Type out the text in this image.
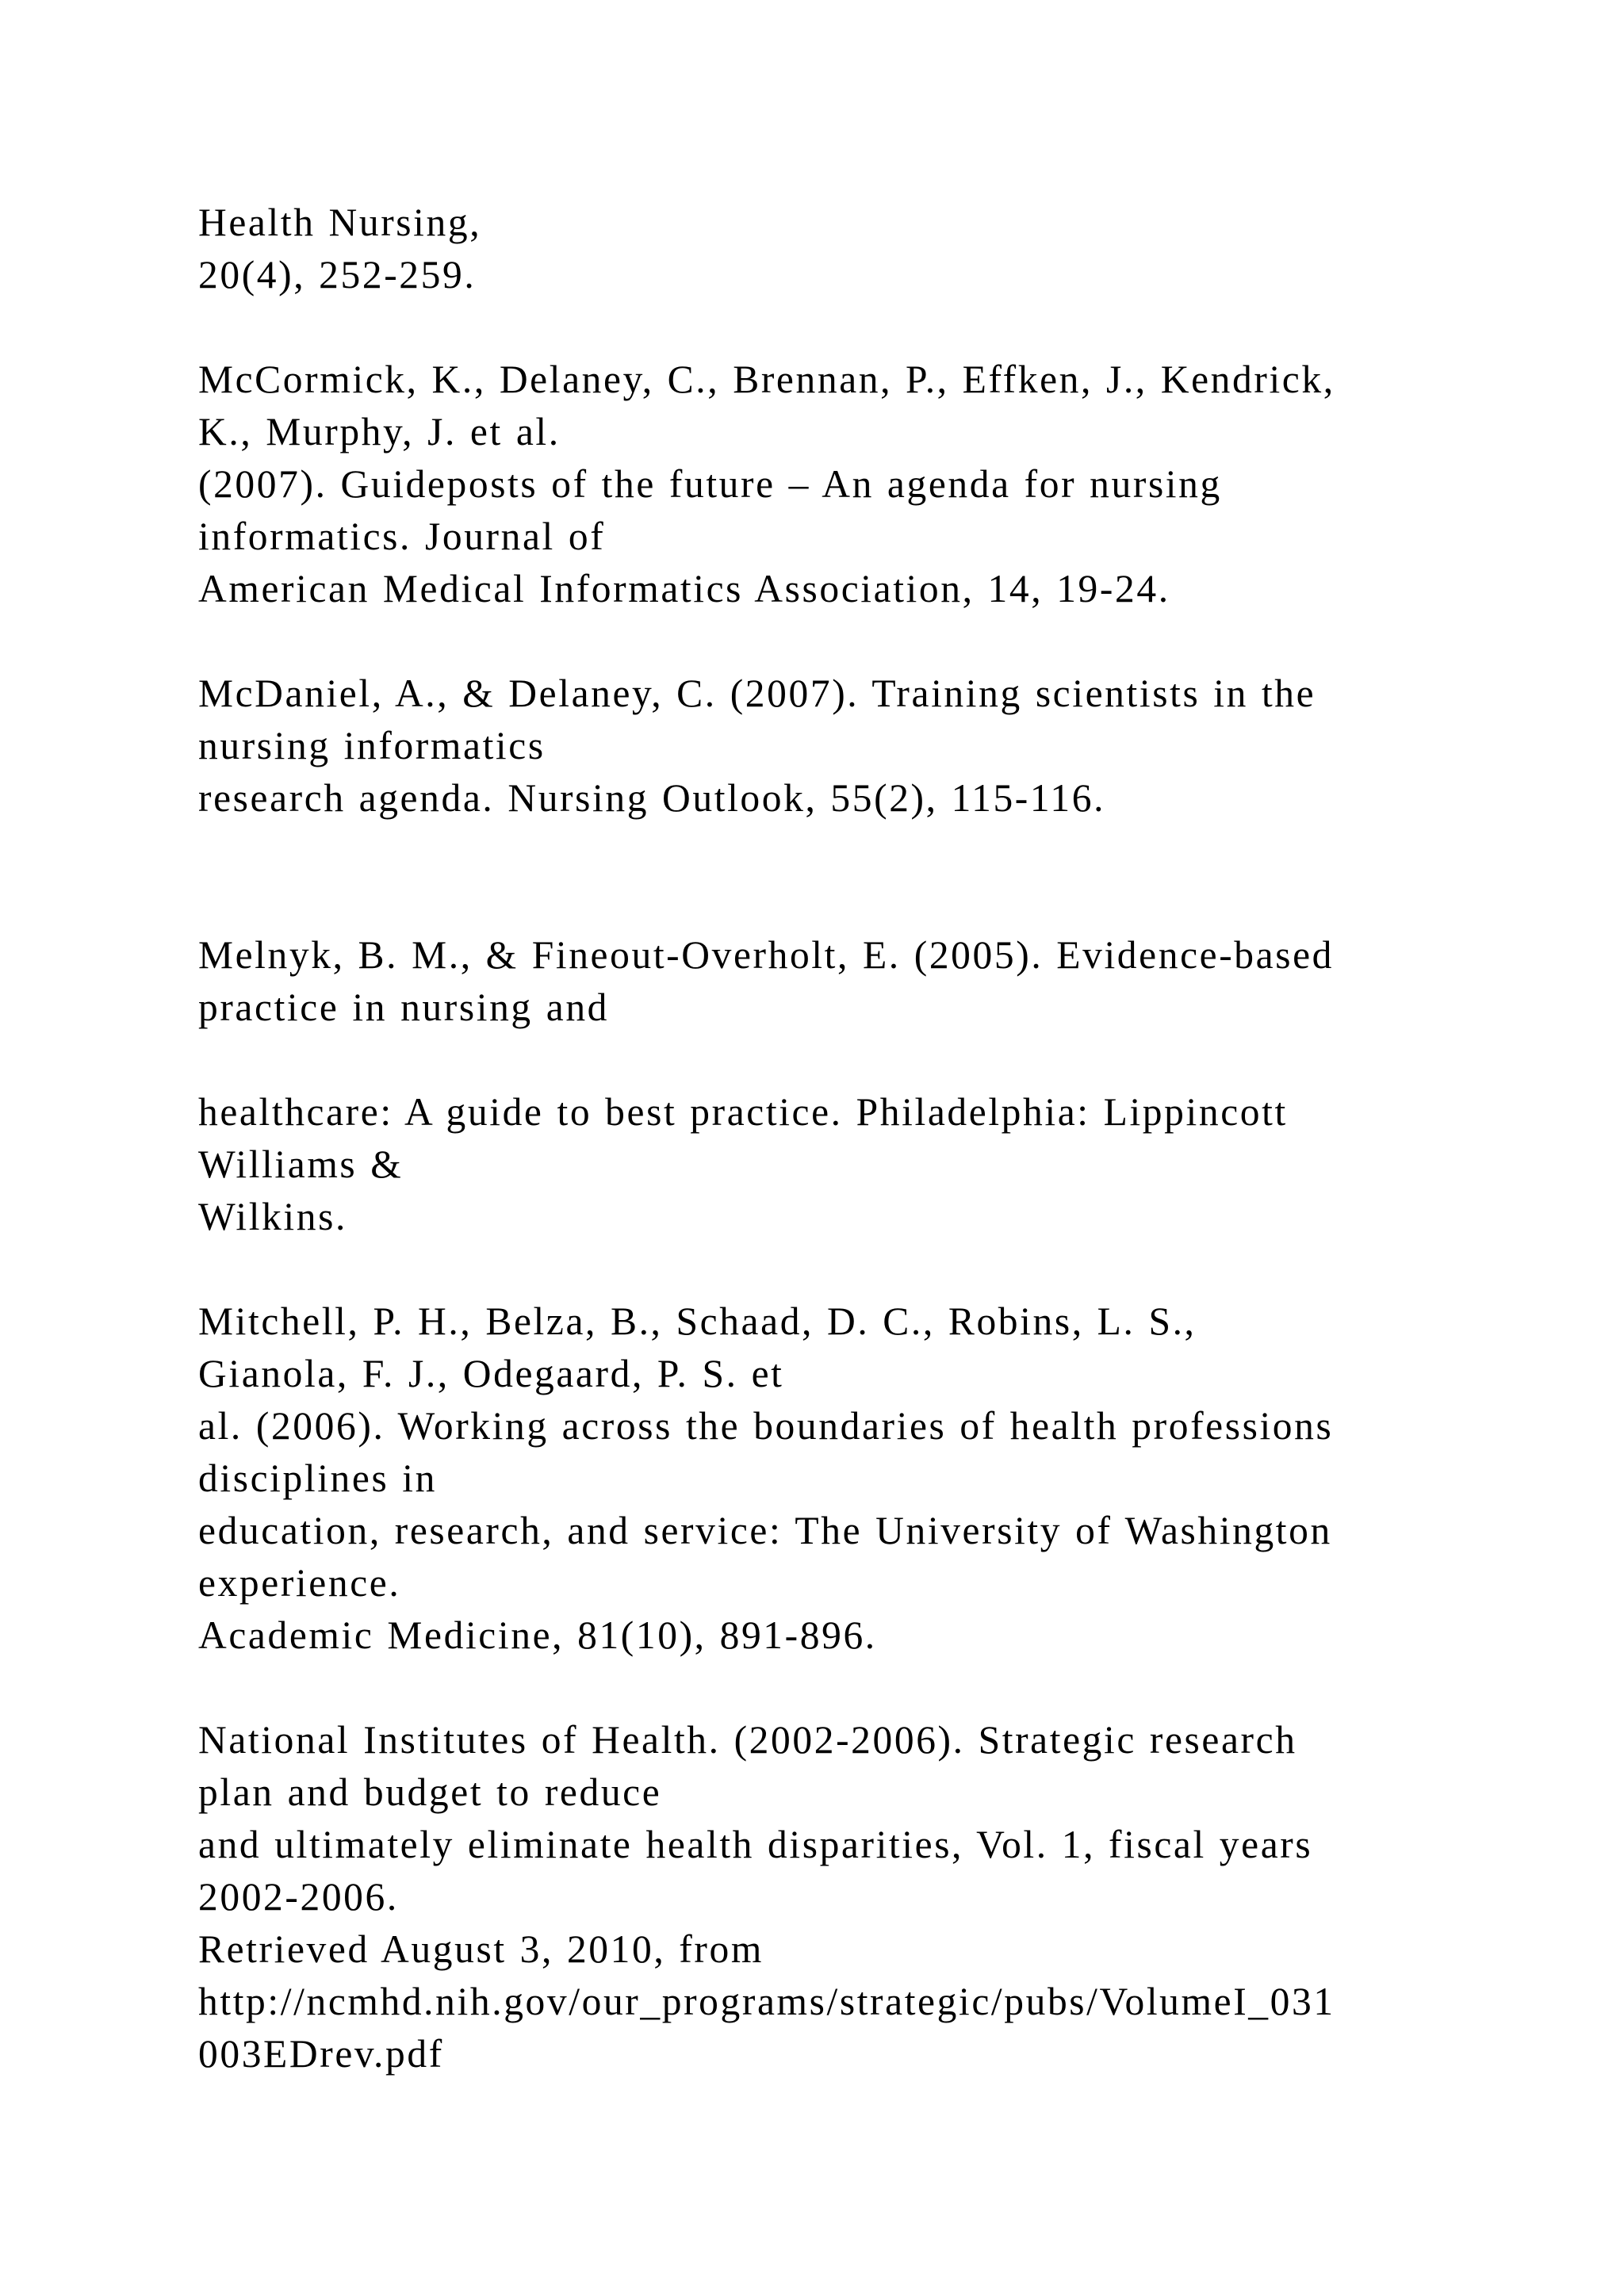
Health Nursing,
20(4), 252-259.
McCormick, K., Delaney, C., Brennan, P., Effken, J., Kendrick,
K., Murphy, J. et al.
(2007). Guideposts of the future – An agenda for nursing
informatics. Journal of
American Medical Informatics Association, 14, 19-24.
McDaniel, A., & Delaney, C. (2007). Training scientists in the
nursing informatics
research agenda. Nursing Outlook, 55(2), 115-116.
Melnyk, B. M., & Fineout-Overholt, E. (2005). Evidence-based
practice in nursing and
healthcare: A guide to best practice. Philadelphia: Lippincott
Williams &
Wilkins.
Mitchell, P. H., Belza, B., Schaad, D. C., Robins, L. S.,
Gianola, F. J., Odegaard, P. S. et
al. (2006). Working across the boundaries of health professions
disciplines in
education, research, and service: The University of Washington
experience.
Academic Medicine, 81(10), 891-896.
National Institutes of Health. (2002-2006). Strategic research
plan and budget to reduce
and ultimately eliminate health disparities, Vol. 1, fiscal years
2002-2006.
Retrieved August 3, 2010, from
http://ncmhd.nih.gov/our_programs/strategic/pubs/VolumeI_031
003EDrev.pdf
